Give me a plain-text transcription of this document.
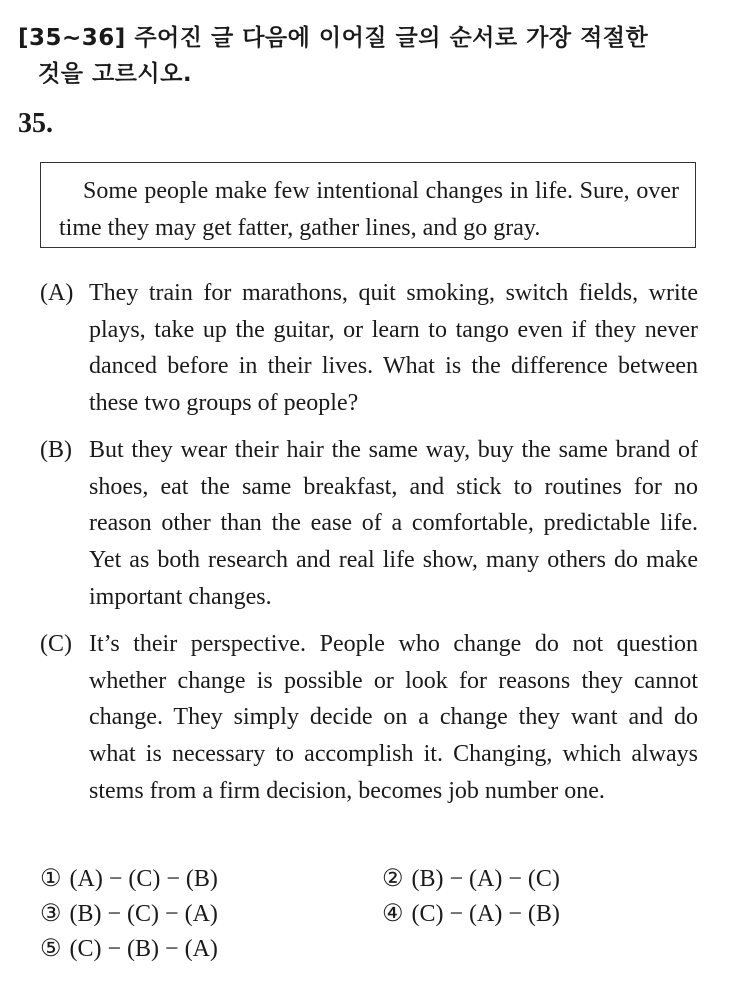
[35~36] 주어진 글 다음에 이어질 글의 순서로 가장 적절한
것을 고르시오.
35.

Some people make few intentional changes in life. Sure, over time they may get fatter, gather lines, and go gray.

(A) They train for marathons, quit smoking, switch fields, write plays, take up the guitar, or learn to tango even if they never danced before in their lives. What is the difference between these two groups of people?
(B) But they wear their hair the same way, buy the same brand of shoes, eat the same breakfast, and stick to routines for no reason other than the ease of a comfortable, predictable life. Yet as both research and real life show, many others do make important changes.
(C) It’s their perspective. People who change do not question whether change is possible or look for reasons they cannot change. They simply decide on a change they want and do what is necessary to accomplish it. Changing, which always stems from a firm decision, becomes job number one.
① (A) − (C) − (B)	② (B) − (A) − (C)
③ (B) − (C) − (A)	④ (C) − (A) − (B)
⑤ (C) − (B) − (A)
